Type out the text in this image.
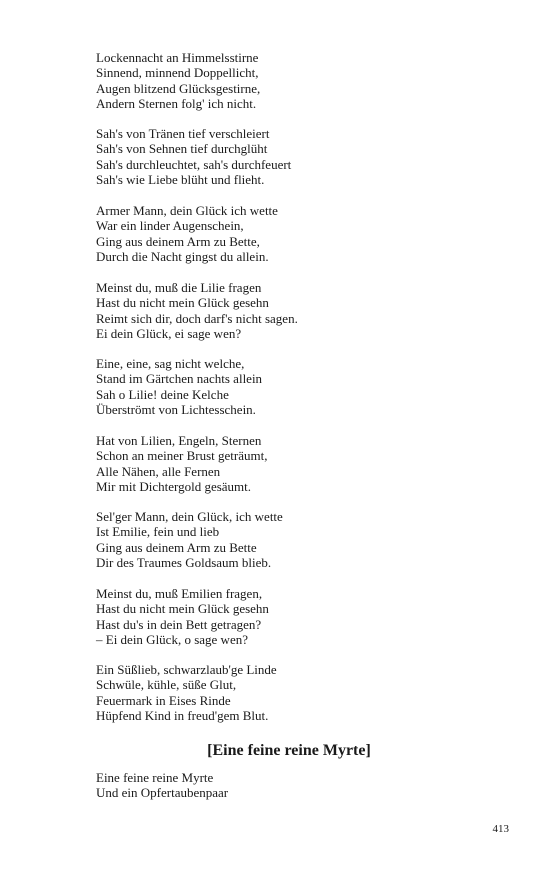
Lockennacht an Himmelsstirne
Sinnend, minnend Doppellicht,
Augen blitzend Glücksgestirne,
Andern Sternen folg' ich nicht.
Sah's von Tränen tief verschleiert
Sah's von Sehnen tief durchglüht
Sah's durchleuchtet, sah's durchfeuert
Sah's wie Liebe blüht und flieht.
Armer Mann, dein Glück ich wette
War ein linder Augenschein,
Ging aus deinem Arm zu Bette,
Durch die Nacht gingst du allein.
Meinst du, muß die Lilie fragen
Hast du nicht mein Glück gesehn
Reimt sich dir, doch darf's nicht sagen.
Ei dein Glück, ei sage wen?
Eine, eine, sag nicht welche,
Stand im Gärtchen nachts allein
Sah o Lilie! deine Kelche
Überströmt von Lichtesschein.
Hat von Lilien, Engeln, Sternen
Schon an meiner Brust geträumt,
Alle Nähen, alle Fernen
Mir mit Dichtergold gesäumt.
Sel'ger Mann, dein Glück, ich wette
Ist Emilie, fein und lieb
Ging aus deinem Arm zu Bette
Dir des Traumes Goldsaum blieb.
Meinst du, muß Emilien fragen,
Hast du nicht mein Glück gesehn
Hast du's in dein Bett getragen?
– Ei dein Glück, o sage wen?
Ein Süßlieb, schwarzlaub'ge Linde
Schwüle, kühle, süße Glut,
Feuermark in Eises Rinde
Hüpfend Kind in freud'gem Blut.
[Eine feine reine Myrte]
Eine feine reine Myrte
Und ein Opfertaubenpaar
413
